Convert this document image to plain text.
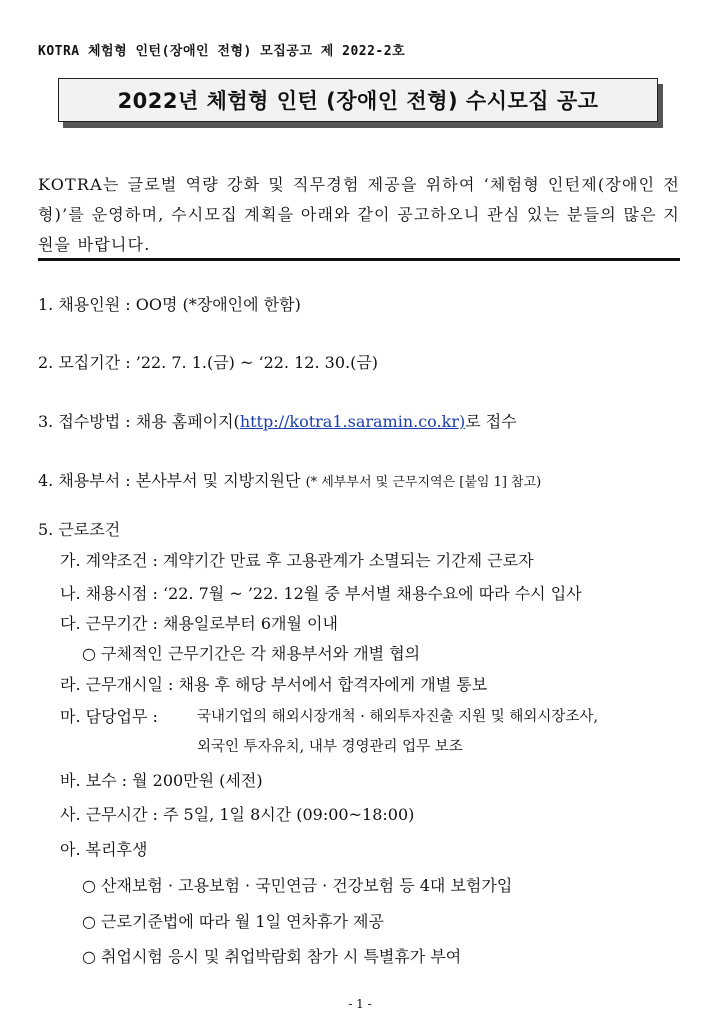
KOTRA 체험형 인턴(장애인 전형) 모집공고 제 2022-2호
2022년 체험형 인턴 (장애인 전형) 수시모집 공고
KOTRA는 글로벌 역량 강화 및 직무경험 제공을 위하여 ‘체험형 인턴제(장애인 전형)’를 운영하며, 수시모집 계획을 아래와 같이 공고하오니 관심 있는 분들의 많은 지원을 바랍니다.
1. 채용인원 : OO명 (*장애인에 한함)
2. 모집기간 : ’22. 7. 1.(금) ~ ‘22. 12. 30.(금)
3. 접수방법 : 채용 홈페이지(http://kotra1.saramin.co.kr)로 접수
4. 채용부서 : 본사부서 및 지방지원단 (* 세부부서 및 근무지역은 [붙임 1] 참고)
5. 근로조건
가. 계약조건 : 계약기간 만료 후 고용관계가 소멸되는 기간제 근로자
나. 채용시점 : ‘22. 7월 ~ ’22. 12월 중 부서별 채용수요에 따라 수시 입사
다. 근무기간 : 채용일로부터 6개월 이내
○ 구체적인 근무기간은 각 채용부서와 개별 협의
라. 근무개시일 : 채용 후 해당 부서에서 합격자에게 개별 통보
마. 담당업무 :	국내기업의 해외시장개척 · 해외투자진출 지원 및 해외시장조사,
외국인 투자유치, 내부 경영관리 업무 보조
바. 보수 : 월 200만원 (세전)
사. 근무시간 : 주 5일, 1일 8시간 (09:00~18:00)
아. 복리후생
○ 산재보험 · 고용보험 · 국민연금 · 건강보험 등 4대 보험가입
○ 근로기준법에 따라 월 1일 연차휴가 제공
○ 취업시험 응시 및 취업박람회 참가 시 특별휴가 부여
- 1 -
